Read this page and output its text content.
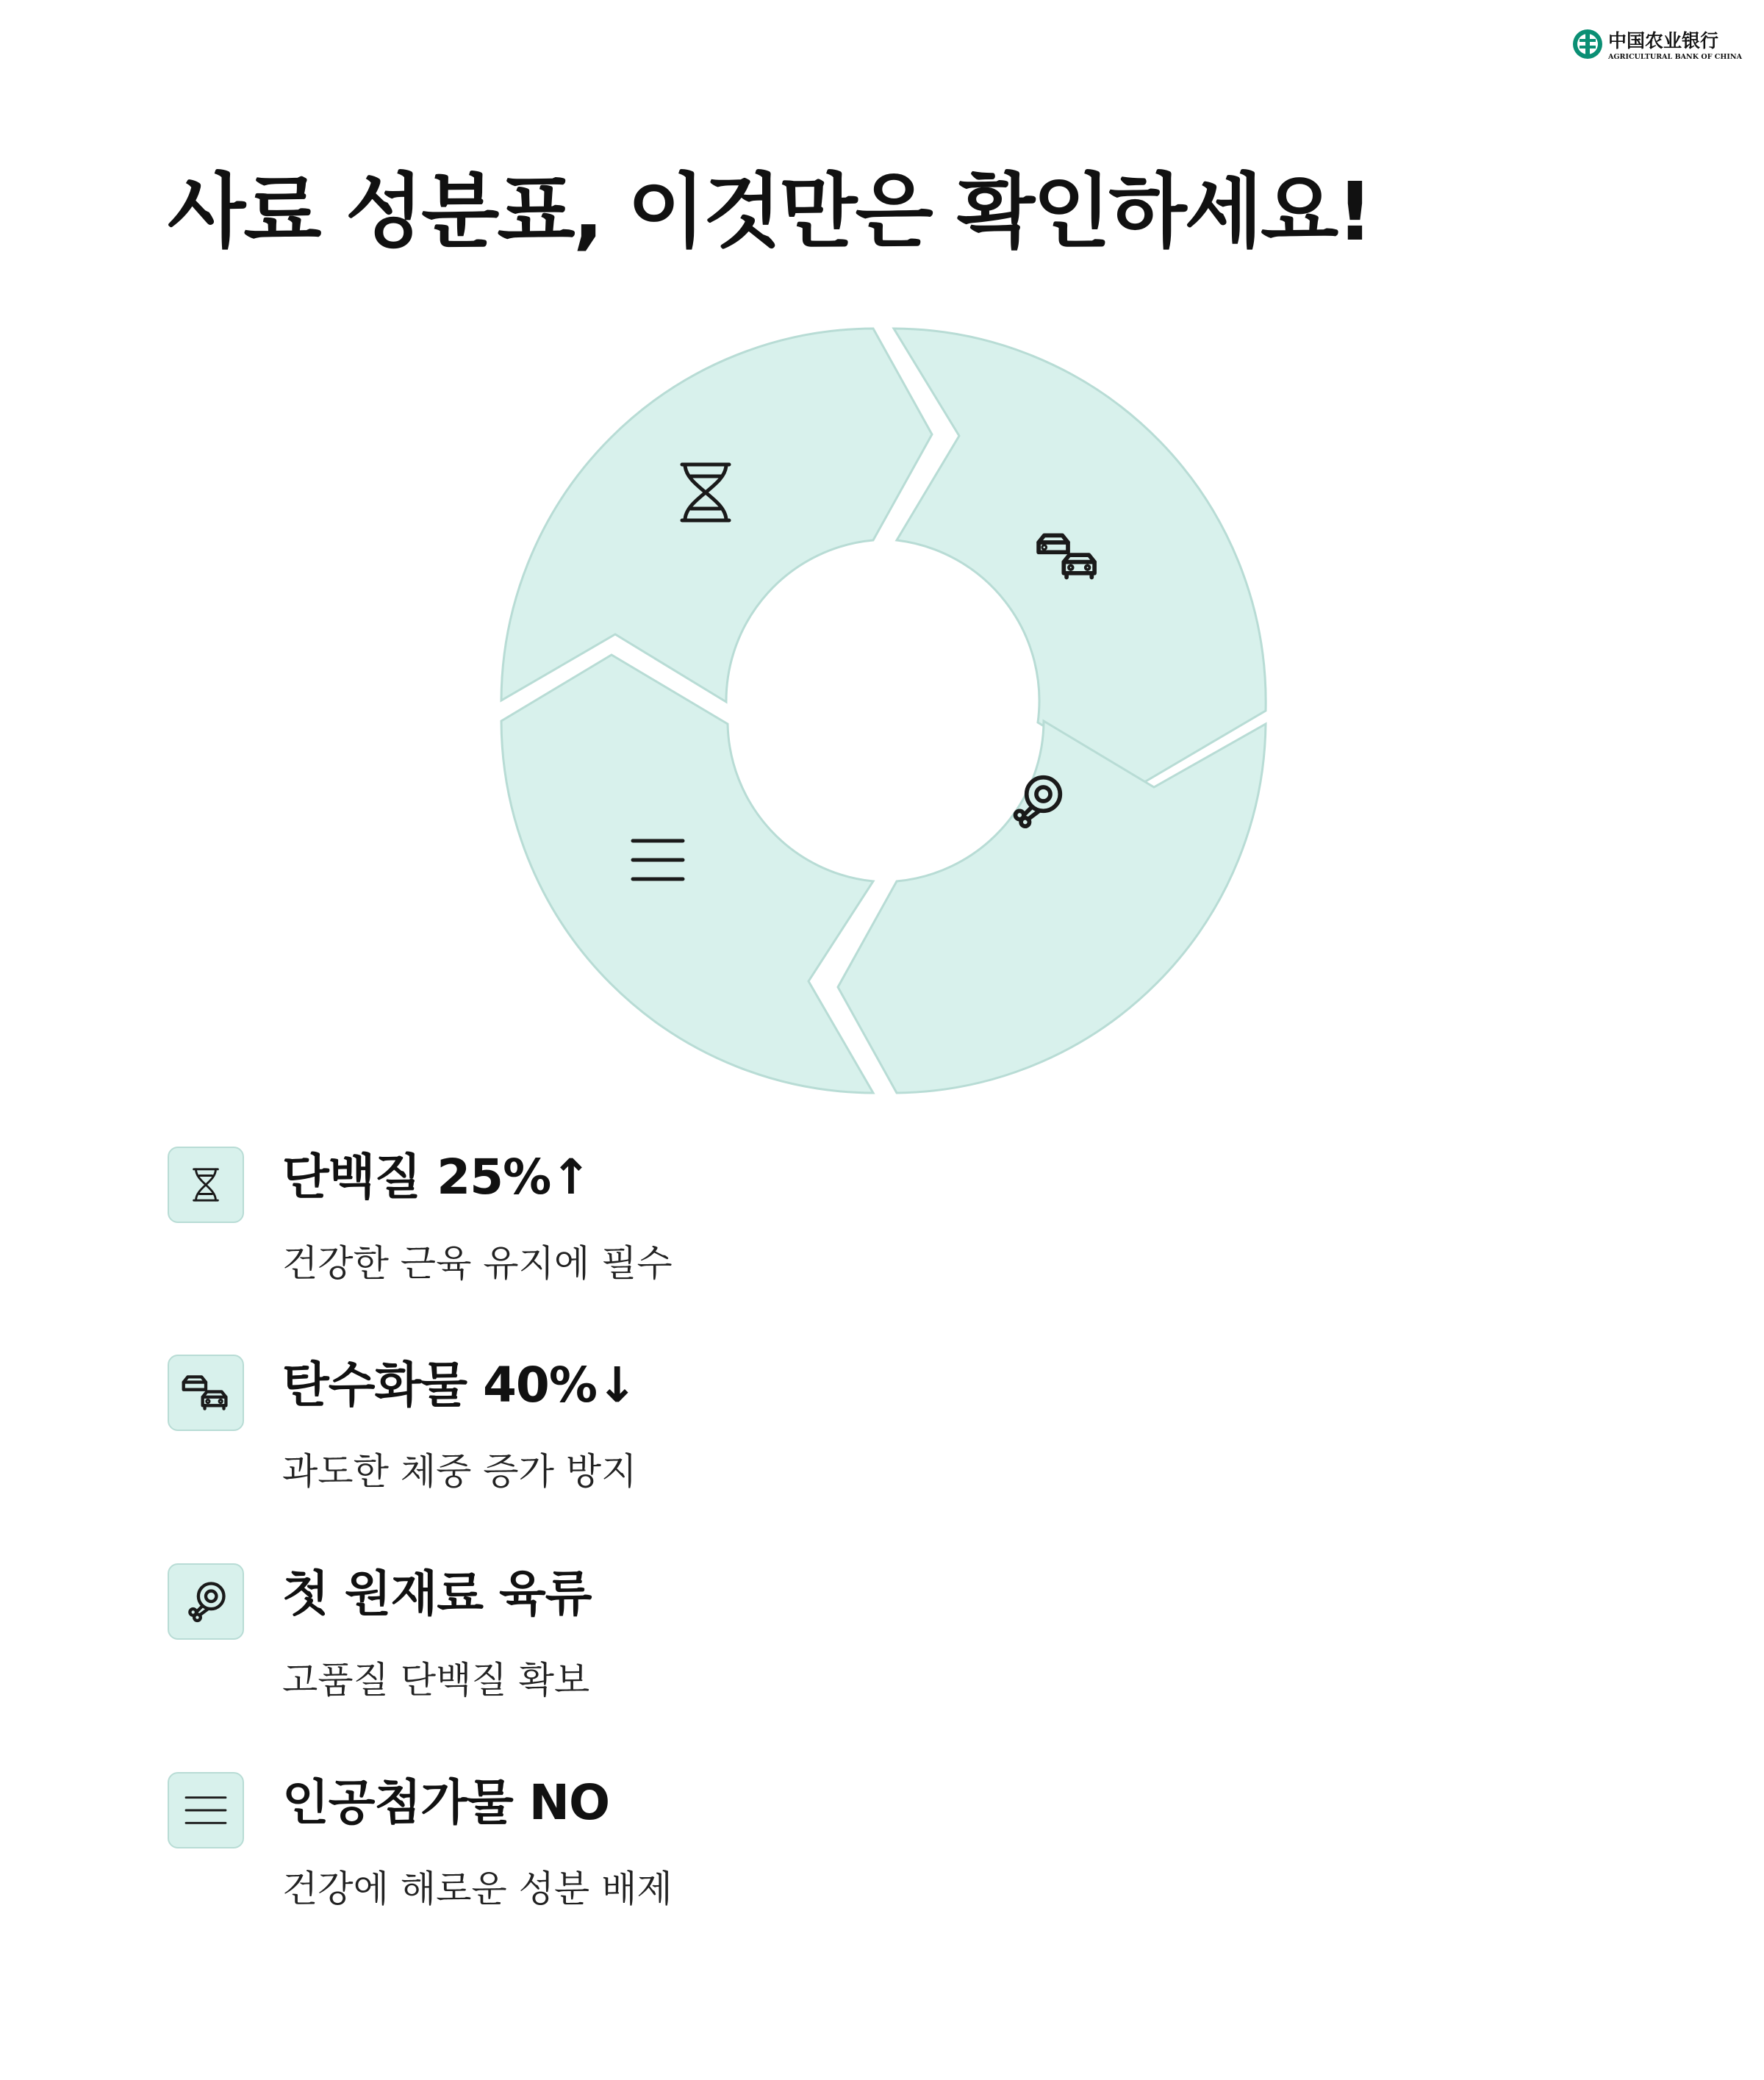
中国农业银行
AGRICULTURAL BANK OF CHINA
사료 성분표, 이것만은 확인하세요!
단백질 25%↑
건강한 근육 유지에 필수
탄수화물 40%↓
과도한 체중 증가 방지
첫 원재료 육류
고품질 단백질 확보
인공첨가물 NO
건강에 해로운 성분 배제
